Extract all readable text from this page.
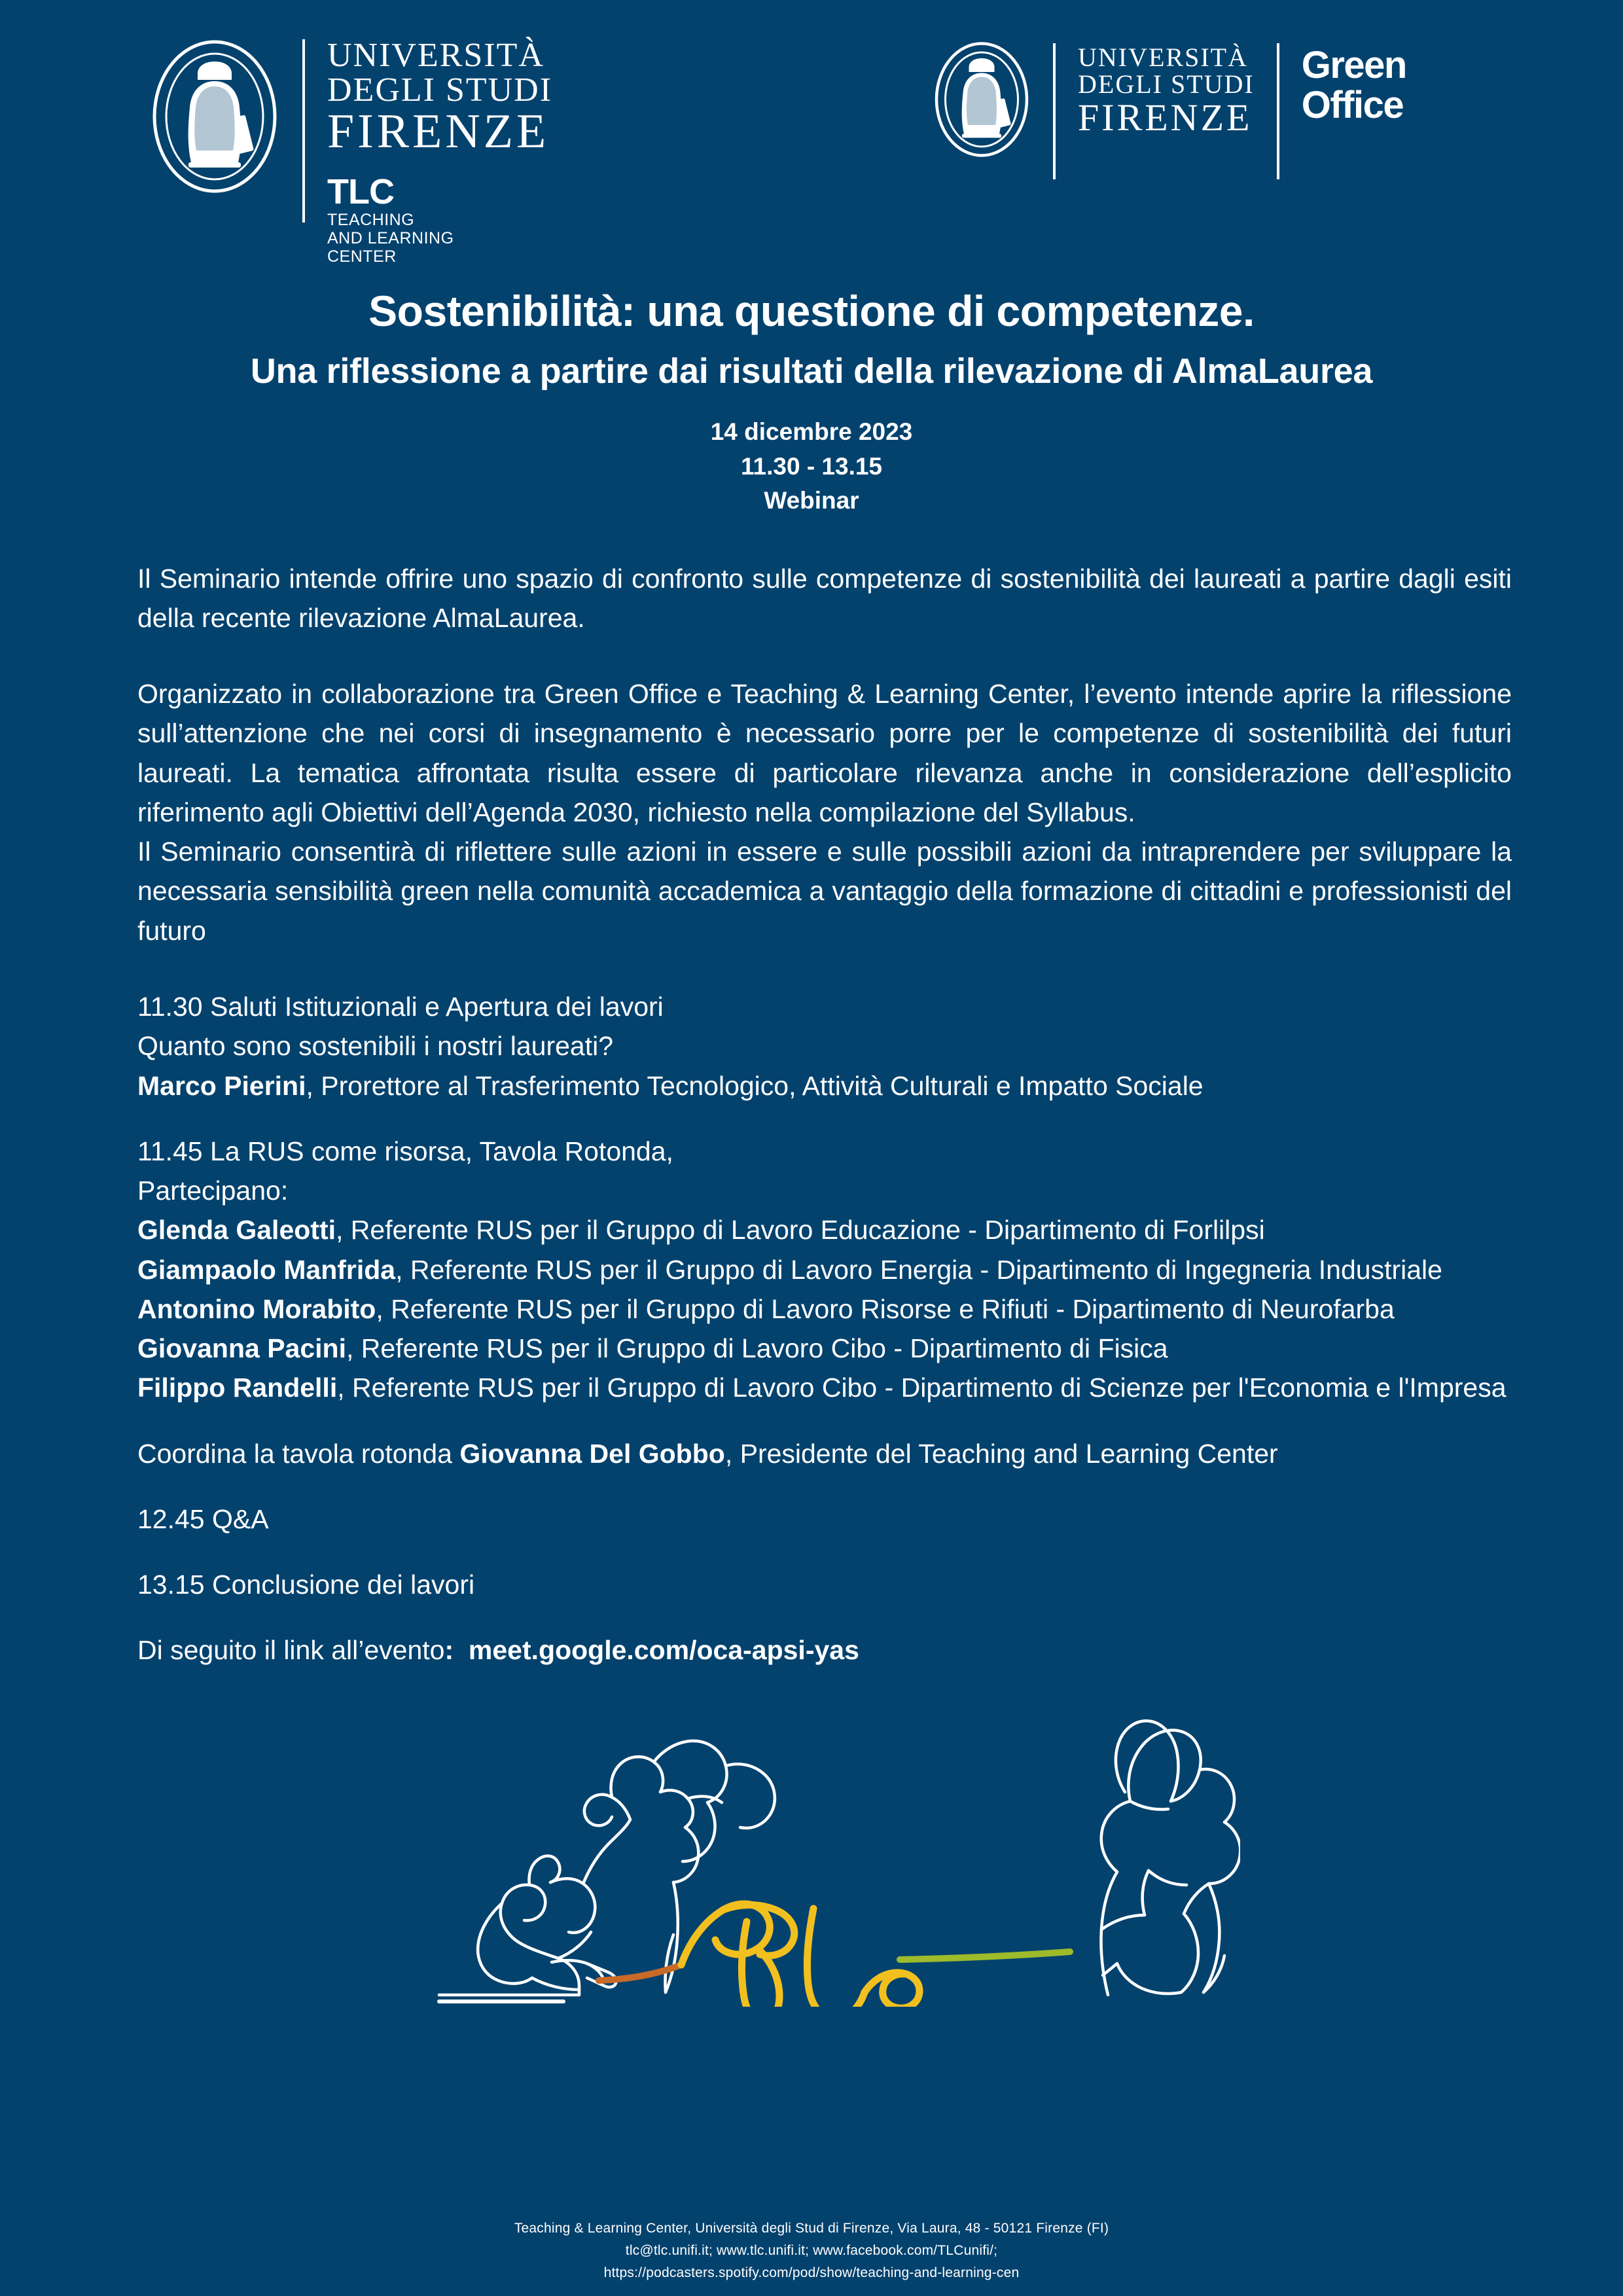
UNIVERSITÀ
DEGLI STUDI
FIRENZE
TLC
TEACHING
AND LEARNING
CENTER
UNIVERSITÀ
DEGLI STUDI
FIRENZE
Green
Office
Sostenibilità: una questione di competenze.
Una riflessione a partire dai risultati della rilevazione di AlmaLaurea
14 dicembre 2023
11.30 - 13.15
Webinar
Il Seminario intende offrire uno spazio di confronto sulle competenze di sostenibilità dei laureati a partire dagli esiti della recente rilevazione AlmaLaurea.
Organizzato in collaborazione tra Green Office e Teaching & Learning Center, l’evento intende aprire la riflessione sull’attenzione che nei corsi di insegnamento è necessario porre per le competenze di sostenibilità dei futuri laureati. La tematica affrontata risulta essere di particolare rilevanza anche in considerazione dell’esplicito riferimento agli Obiettivi dell’Agenda 2030, richiesto nella compilazione del Syllabus.
Il Seminario consentirà di riflettere sulle azioni in essere e sulle possibili azioni da intraprendere per sviluppare la necessaria sensibilità green nella comunità accademica a vantaggio della formazione di cittadini e professionisti del futuro
11.30 Saluti Istituzionali e Apertura dei lavori
Quanto sono sostenibili i nostri laureati?
Marco Pierini, Prorettore al Trasferimento Tecnologico, Attività Culturali e Impatto Sociale
11.45 La RUS come risorsa, Tavola Rotonda,
Partecipano:
Glenda Galeotti, Referente RUS per il Gruppo di Lavoro Educazione - Dipartimento di Forlilpsi
Giampaolo Manfrida, Referente RUS per il Gruppo di Lavoro Energia - Dipartimento di Ingegneria Industriale
Antonino Morabito, Referente RUS per il Gruppo di Lavoro Risorse e Rifiuti - Dipartimento di Neurofarba
Giovanna Pacini, Referente RUS per il Gruppo di Lavoro Cibo - Dipartimento di Fisica
Filippo Randelli, Referente RUS per il Gruppo di Lavoro Cibo - Dipartimento di Scienze per l'Economia e l'Impresa
Coordina la tavola rotonda Giovanna Del Gobbo, Presidente del Teaching and Learning Center
12.45 Q&A
13.15 Conclusione dei lavori
Di seguito il link all’evento: meet.google.com/oca-apsi-yas
Teaching & Learning Center, Università degli Stud di Firenze, Via Laura, 48 - 50121 Firenze (FI)
tlc@tlc.unifi.it; www.tlc.unifi.it; www.facebook.com/TLCunifi/;
https://podcasters.spotify.com/pod/show/teaching-and-learning-cen
